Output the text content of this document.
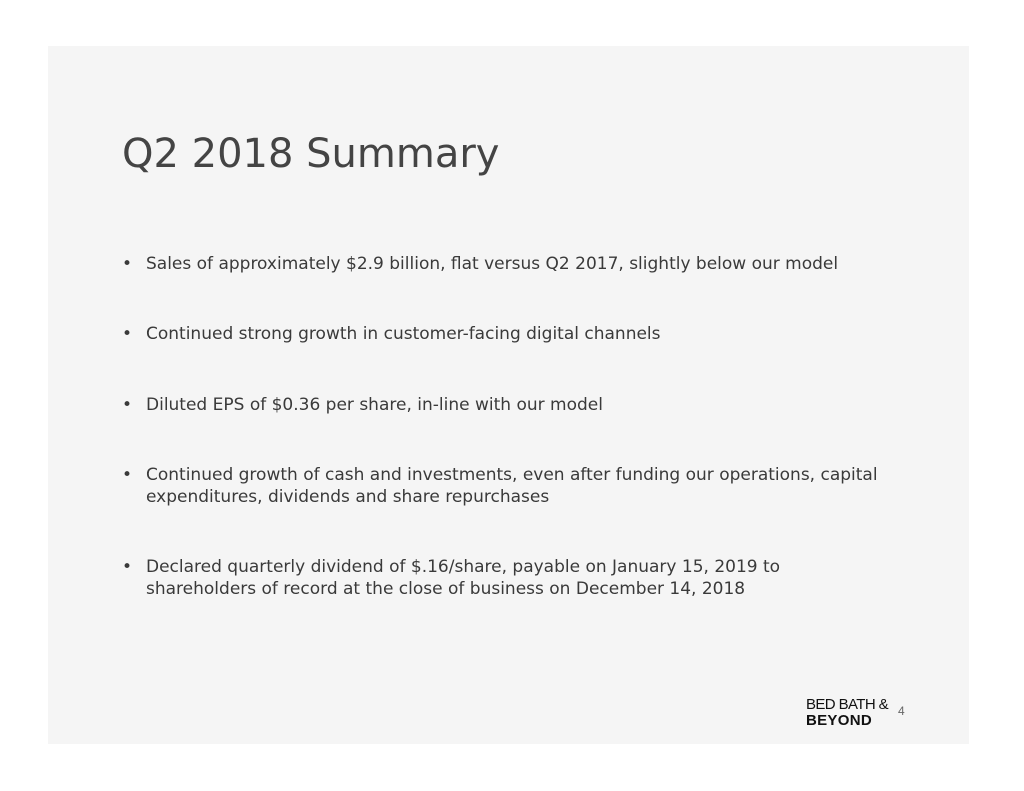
Q2 2018 Summary
• Sales of approximately $2.9 billion, flat versus Q2 2017, slightly below our model
• Continued strong growth in customer-facing digital channels
• Diluted EPS of $0.36 per share, in-line with our model
• Continued growth of cash and investments, even after funding our operations, capital expenditures, dividends and share repurchases
• Declared quarterly dividend of $.16/share, payable on January 15, 2019 to shareholders of record at the close of business on December 14, 2018
BED BATH &
BEYOND
4
